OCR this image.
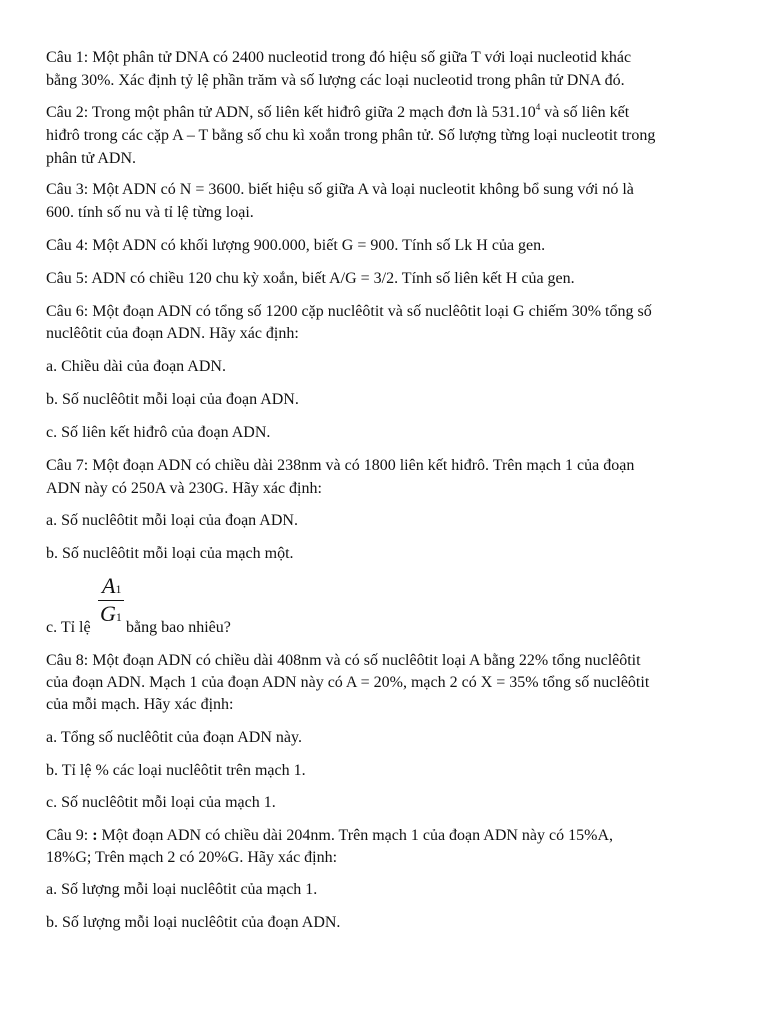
Câu 1: Một phân tử DNA có 2400 nucleotid trong đó hiệu số giữa T với loại nucleotid khác

bằng 30%. Xác định tỷ lệ phần trăm và số lượng các loại nucleotid trong phân tử DNA đó.

Câu 2: Trong một phân tử ADN, số liên kết hiđrô giữa 2 mạch đơn là 531.10$^4$ và số liên kết

hiđrô trong các cặp A – T bằng số chu kì xoắn trong phân tử. Số lượng từng loại nucleotit trong

phân tử ADN.

Câu 3: Một ADN có N = 3600. biết hiệu số giữa A và loại nucleotit không bổ sung với nó là

600. tính số nu và tỉ lệ từng loại.

Câu 4: Một ADN có khối lượng 900.000, biết G = 900. Tính số Lk H của gen.

Câu 5: ADN có chiều 120 chu kỳ xoắn, biết A/G = 3/2. Tính số liên kết H của gen.

Câu 6: Một đoạn ADN có tổng số 1200 cặp nuclêôtit và số nuclêôtit loại G chiếm 30% tổng số

nuclêôtit của đoạn ADN. Hãy xác định:

a. Chiều dài của đoạn ADN.

b. Số nuclêôtit mỗi loại của đoạn ADN.

c. Số liên kết hiđrô của đoạn ADN.

Câu 7: Một đoạn ADN có chiều dài 238nm và có 1800 liên kết hiđrô. Trên mạch 1 của đoạn

ADN này có 250A và 230G. Hãy xác định:

a. Số nuclêôtit mỗi loại của đoạn ADN.

b. Số nuclêôtit mỗi loại của mạch một.

A1
G1

c. Tỉ lệ bằng bao nhiêu?

Câu 8: Một đoạn ADN có chiều dài 408nm và có số nuclêôtit loại A bằng 22% tổng nuclêôtit

của đoạn ADN. Mạch 1 của đoạn ADN này có A = 20%, mạch 2 có X = 35% tổng số nuclêôtit

của mỗi mạch. Hãy xác định:

a. Tổng số nuclêôtit của đoạn ADN này.

b. Tỉ lệ % các loại nuclêôtit trên mạch 1.

c. Số nuclêôtit mỗi loại của mạch 1.

Câu 9: : Một đoạn ADN có chiều dài 204nm. Trên mạch 1 của đoạn ADN này có 15%A,

18%G; Trên mạch 2 có 20%G. Hãy xác định:

a. Số lượng mỗi loại nuclêôtit của mạch 1.

b. Số lượng mỗi loại nuclêôtit của đoạn ADN.
